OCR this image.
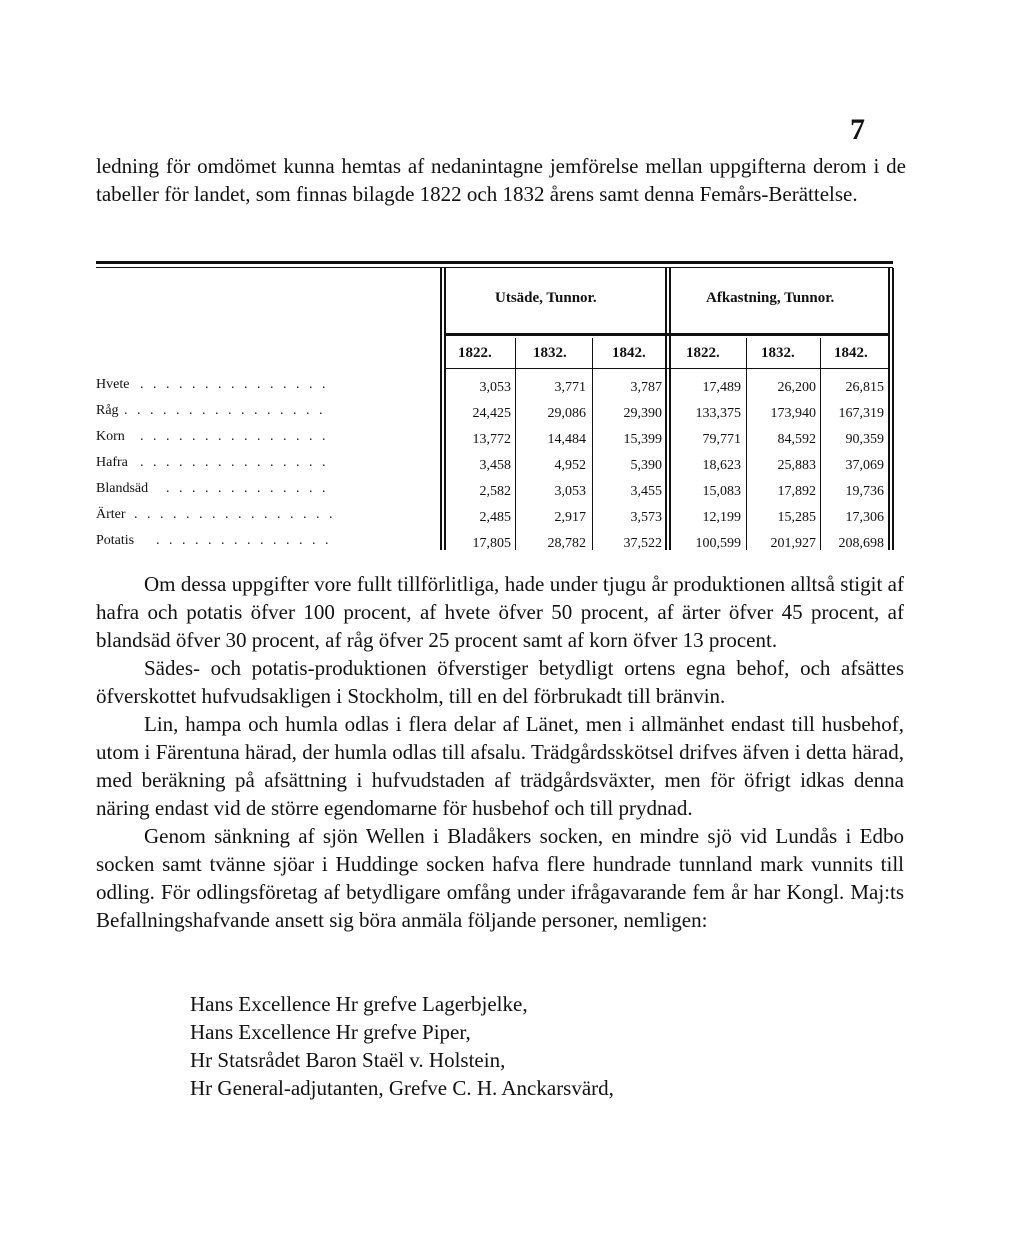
7

ledning för omdömet kunna hemtas af nedanintagne jemförelse mellan uppgifterna derom i de tabeller för landet, som finnas bilagde 1822 och 1832 årens samt denna Femårs-Berättelse.

Utsäde, Tunnor.	Afkastning, Tunnor.
1822.	1832.	1842.	1822.	1832.	1842.
Hvete . . . . . . . . . . . . . . .	3,053	3,771	3,787	17,489	26,200	26,815
Råg . . . . . . . . . . . . . . . .	24,425	29,086	29,390	133,375	173,940	167,319
Korn . . . . . . . . . . . . . . .	13,772	14,484	15,399	79,771	84,592	90,359
Hafra . . . . . . . . . . . . . . .	3,458	4,952	5,390	18,623	25,883	37,069
Blandsäd . . . . . . . . . . . . .	2,582	3,053	3,455	15,083	17,892	19,736
Ärter . . . . . . . . . . . . . . . .	2,485	2,917	3,573	12,199	15,285	17,306
Potatis . . . . . . . . . . . . . .	17,805	28,782	37,522	100,599	201,927	208,698

Om dessa uppgifter vore fullt tillförlitliga, hade under tjugu år produktionen alltså stigit af hafra och potatis öfver 100 procent, af hvete öfver 50 procent, af ärter öfver 45 procent, af blandsäd öfver 30 procent, af råg öfver 25 procent samt af korn öfver 13 procent.

Sädes- och potatis-produktionen öfverstiger betydligt ortens egna behof, och afsättes öfverskottet hufvudsakligen i Stockholm, till en del förbrukadt till bränvin.

Lin, hampa och humla odlas i flera delar af Länet, men i allmänhet endast till husbehof, utom i Färentuna härad, der humla odlas till afsalu. Trädgårdsskötsel drifves äfven i detta härad, med beräkning på afsättning i hufvudstaden af trädgårdsväxter, men för öfrigt idkas denna näring endast vid de större egendomarne för husbehof och till prydnad.

Genom sänkning af sjön Wellen i Bladåkers socken, en mindre sjö vid Lundås i Edbo socken samt tvänne sjöar i Huddinge socken hafva flere hundrade tunnland mark vunnits till odling. För odlingsföretag af betydligare omfång under ifrågavarande fem år har Kongl. Maj:ts Befallningshafvande ansett sig böra anmäla följande personer, nemligen:

Hans Excellence Hr grefve Lagerbjelke,
Hans Excellence Hr grefve Piper,
Hr Statsrådet Baron Staël v. Holstein,
Hr General-adjutanten, Grefve C. H. Anckarsvärd,
